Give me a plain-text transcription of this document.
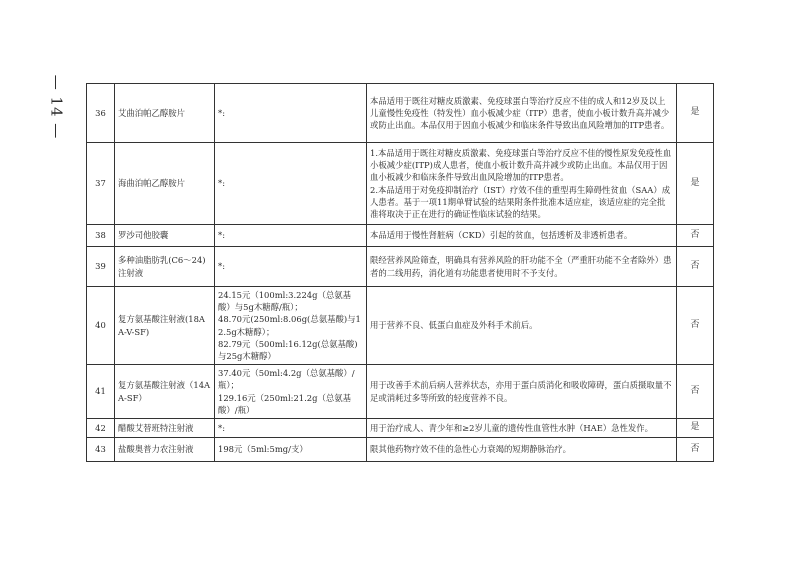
— 14 —	36	艾曲泊帕乙醇胺片	*:	本品适用于既往对糖皮质激素、免疫球蛋白等治疗反应不佳的成人和12岁及以上儿童慢性免疫性（特发性）血小板减少症（ITP）患者，使血小板计数升高并减少或防止出血。本品仅用于因血小板减少和临床条件导致出血风险增加的ITP患者。	是
37	海曲泊帕乙醇胺片	*:	1.本品适用于既往对糖皮质激素、免疫球蛋白等治疗反应不佳的慢性原发免疫性血小板减少症(ITP)成人患者，使血小板计数升高并减少或防止出血。本品仅用于因血小板减少和临床条件导致出血风险增加的ITP患者。
2.本品适用于对免疫抑制治疗（IST）疗效不佳的重型再生障碍性贫血（SAA）成人患者。基于一项11期单臂试验的结果附条件批准本适应症，该适应症的完全批准将取决于正在进行的确证性临床试验的结果。	是
38	罗沙司他胶囊	*:	本品适用于慢性肾脏病（CKD）引起的贫血，包括透析及非透析患者。	否
39	多种油脂肪乳(C6～24)注射液	*:	限经营养风险筛查，明确具有营养风险的肝功能不全（严重肝功能不全者除外）患者的二线用药，消化道有功能患者使用时不予支付。	否
40	复方氨基酸注射液(18AA-V-SF)	24.15元（100ml:3.224g（总氨基酸）与5g木糖醇/瓶）；
48.70元(250ml:8.06g(总氨基酸)与12.5g木糖醇）；
82.79元（500ml:16.12g(总氨基酸)与25g木糖醇）	用于营养不良、低蛋白血症及外科手术前后。	否
41	复方氨基酸注射液（14AA-SF）	37.40元（50ml:4.2g（总氨基酸）/瓶）；
129.16元（250ml:21.2g（总氨基酸）/瓶）	用于改善手术前后病人营养状态，亦用于蛋白质消化和吸收障碍，蛋白质摄取量不足或消耗过多等所致的轻度营养不良。	否
42	醋酸艾替班特注射液	*:	用于治疗成人、青少年和≥2岁儿童的遗传性血管性水肿（HAE）急性发作。	是
43	盐酸奥普力农注射液	198元（5ml:5mg/支）	限其他药物疗效不佳的急性心力衰竭的短期静脉治疗。	否
